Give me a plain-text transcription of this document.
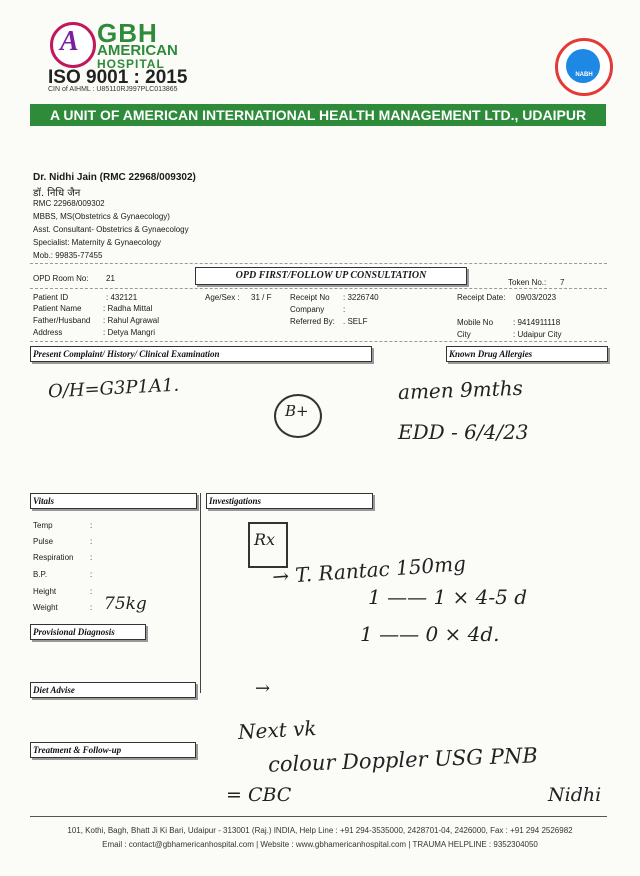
A GBH
AMERICAN
HOSPITAL
ISO 9001 : 2015
CIN of AIHML : U85110RJ997PLC013865
NABH
A UNIT OF AMERICAN INTERNATIONAL HEALTH MANAGEMENT LTD., UDAIPUR
Dr. Nidhi Jain (RMC 22968/009302)
डॉ. निधि जैन
RMC 22968/009302
MBBS, MS(Obstetrics & Gynaecology)
Asst. Consultant- Obstetrics & Gynaecology
Specialist: Maternity & Gynaecology
Mob.: 99835-77455
OPD Room No: 21	OPD FIRST/FOLLOW UP CONSULTATION
Token No.: 7
Patient ID	: 432121
Patient Name	: Radha Mittal
Father/Husband : Rahul Agrawal
Address	: Detya Mangri
Age/Sex : 31 / F Receipt No : 3226740
Company :
Referred By: . SELF
Receipt Date: 09/03/2023
Mobile No : 9414911118
City	: Udaipur City
Present Complaint/ History/ Clinical Examination	Known Drug Allergies
O/H=G3P1A1.
B+
amen 9mths
EDD - 6/4/23
Vitals	Investigations
Temp	:
Pulse	:
Respiration :
B.P.	:
Height	:
Weight	: 75kg
Rx
→ T. Rantac 150mg
1 —— 1 × 4-5 d
1 —— 0 × 4d.
Provisional Diagnosis
Diet Advise	→
Treatment & Follow-up
Next vk
colour Doppler USG PNB
= CBC	Nidhi
101, Kothi, Bagh, Bhatt Ji Ki Bari, Udaipur - 313001 (Raj.) INDIA, Help Line : +91 294-3535000, 2428701-04, 2426000, Fax : +91 294 2526982
Email : contact@gbhamericanhospital.com | Website : www.gbhamericanhospital.com | TRAUMA HELPLINE : 9352304050
